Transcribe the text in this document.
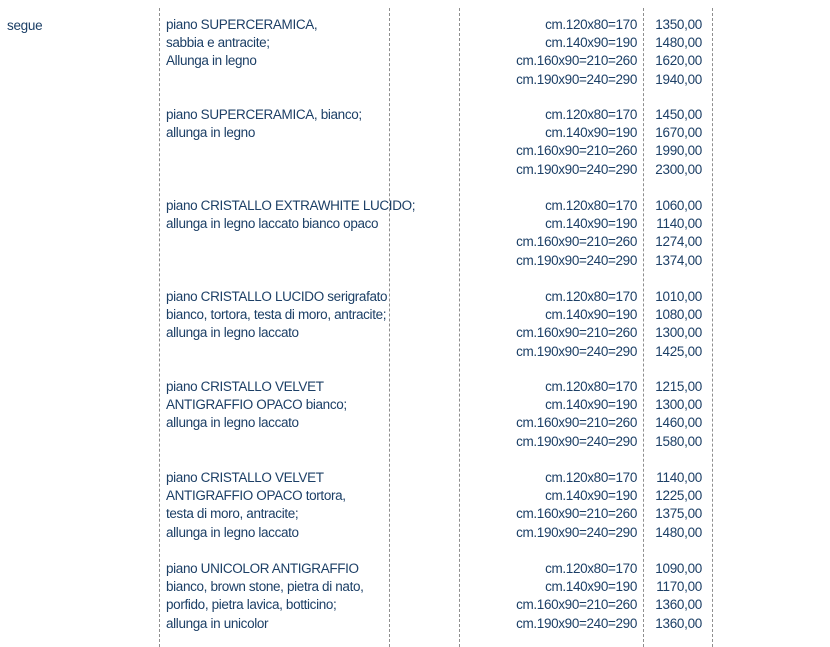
segue	piano SUPERCERAMICA,
sabbia e antracite;
Allunga in legno
cm.120x80=170
cm.140x90=190
cm.160x90=210=260
cm.190x90=240=290
1350,00
1480,00
1620,00
1940,00
piano SUPERCERAMICA, bianco;
allunga in legno
cm.120x80=170
cm.140x90=190
cm.160x90=210=260
cm.190x90=240=290
1450,00
1670,00
1990,00
2300,00
piano CRISTALLO EXTRAWHITE LUCIDO;
allunga in legno laccato bianco opaco
cm.120x80=170
cm.140x90=190
cm.160x90=210=260
cm.190x90=240=290
1060,00
1140,00
1274,00
1374,00
piano CRISTALLO LUCIDO serigrafato
bianco, tortora, testa di moro, antracite;
allunga in legno laccato
cm.120x80=170
cm.140x90=190
cm.160x90=210=260
cm.190x90=240=290
1010,00
1080,00
1300,00
1425,00
piano CRISTALLO VELVET
ANTIGRAFFIO OPACO bianco;
allunga in legno laccato
cm.120x80=170
cm.140x90=190
cm.160x90=210=260
cm.190x90=240=290
1215,00
1300,00
1460,00
1580,00
piano CRISTALLO VELVET
ANTIGRAFFIO OPACO tortora,
testa di moro, antracite;
allunga in legno laccato
cm.120x80=170
cm.140x90=190
cm.160x90=210=260
cm.190x90=240=290
1140,00
1225,00
1375,00
1480,00
piano UNICOLOR ANTIGRAFFIO
bianco, brown stone, pietra di nato,
porfido, pietra lavica, botticino;
allunga in unicolor
cm.120x80=170
cm.140x90=190
cm.160x90=210=260
cm.190x90=240=290
1090,00
1170,00
1360,00
1360,00
